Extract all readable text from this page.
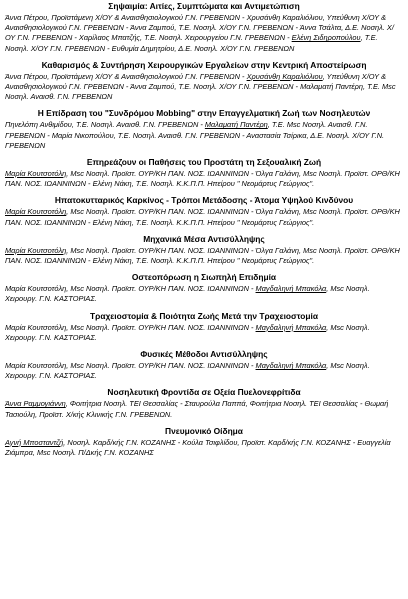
Σηψαιμία: Αιτίες, Συμπτώματα και Αντιμετώπιση
Άννα Πέτρου, Προϊστάμενη Χ/ΟΥ & Αναισθησιολογικού Γ.Ν. ΓΡΕΒΕΝΩΝ - Χρυσάνθη Καραλιόλιου, Υπεύθυνη Χ/ΟΥ & Αναισθησιολογικού Γ.Ν. ΓΡΕΒΕΝΩΝ - Άννα Ζαμπού, Τ.Ε. Νοσηλ. Χ/ΟΥ Γ.Ν. ΓΡΕΒΕΝΩΝ - Άννα Τσάλτα, Δ.Ε. Νοσηλ. Χ/ΟΥ Γ.Ν. ΓΡΕΒΕΝΩΝ - Χαρίλαος Μπατζής, Τ.Ε. Νοσηλ. Χειρουργείου Γ.Ν. ΓΡΕΒΕΝΩΝ - Ελένη Σιδηροπούλου, Τ.Ε. Νοσηλ. Χ/ΟΥ Γ.Ν. ΓΡΕΒΕΝΩΝ - Ευθυμία Δημητρίου, Δ.Ε. Νοσηλ. Χ/ΟΥ Γ.Ν. ΓΡΕΒΕΝΩΝ
Καθαρισμός & Συντήρηση Χειρουργικών Εργαλείων στην Κεντρική Αποστείρωση
Άννα Πέτρου, Προϊστάμενη Χ/ΟΥ & Αναισθησιολογικού Γ.Ν. ΓΡΕΒΕΝΩΝ - Χρυσάνθη Καραλιόλιου, Υπεύθυνη Χ/ΟΥ & Αναισθησιολογικού Γ.Ν. ΓΡΕΒΕΝΩΝ - Άννα Ζαμπού, Τ.Ε. Νοσηλ. Χ/ΟΥ Γ.Ν. ΓΡΕΒΕΝΩΝ - Μαλαματή Παντέρη, Τ.Ε. Msc Νοσηλ. Αναισθ. Γ.Ν. ΓΡΕΒΕΝΩΝ
Η Επίδραση του "Συνδρόμου Mobbing" στην Επαγγελματική Ζωή των Νοσηλευτών
Πηνελόπη Ανθιμίδου, Τ.Ε. Νοσηλ. Αναισθ. Γ.Ν. ΓΡΕΒΕΝΩΝ - Μαλαματή Παντέρη, Τ.Ε. Msc Νοσηλ. Αναισθ. Γ.Ν. ΓΡΕΒΕΝΩΝ - Μαρία Νικοπούλου, Τ.Ε. Νοσηλ. Αναισθ. Γ.Ν. ΓΡΕΒΕΝΩΝ - Αναστασία Τσίρικα, Δ.Ε. Νοσηλ. Χ/ΟΥ Γ.Ν. ΓΡΕΒΕΝΩΝ
Επηρεάζουν οι Παθήσεις του Προστάτη τη Σεξουαλική Ζωή
Μαρία Κουτσοτόλη, Msc Νοσηλ. Προϊστ. ΟΥΡ/ΚΗ ΠΑΝ. ΝΟΣ. ΙΩΑΝΝΙΝΩΝ - Όλγα Γαλάνη, Msc Νοσηλ. Προϊστ. ΟΡΘ/ΚΗ ΠΑΝ. ΝΟΣ. ΙΩΑΝΝΙΝΩΝ - Ελένη Νάκη, Τ.Ε. Νοσηλ. Κ.Κ.Π.Π. Ηπείρου " Νεομάρτυς Γεώργιος".
Ηπατοκυτταρικός Καρκίνος - Τρόποι Μετάδοσης - Άτομα Υψηλού Κινδύνου
Μαρία Κουτσοτόλη, Msc Νοσηλ. Προϊστ. ΟΥΡ/ΚΗ ΠΑΝ. ΝΟΣ. ΙΩΑΝΝΙΝΩΝ - Όλγα Γαλάνη, Msc Νοσηλ. Προϊστ. ΟΡΘ/ΚΗ ΠΑΝ. ΝΟΣ. ΙΩΑΝΝΙΝΩΝ - Ελένη Νάκη, Τ.Ε. Νοσηλ. Κ.Κ.Π.Π. Ηπείρου " Νεομάρτυς Γεώργιος".
Μηχανικά Μέσα Αντισύλληψης
Μαρία Κουτσοτόλη, Msc Νοσηλ. Προϊστ. ΟΥΡ/ΚΗ ΠΑΝ. ΝΟΣ. ΙΩΑΝΝΙΝΩΝ - Όλγα Γαλάνη, Msc Νοσηλ. Προϊστ. ΟΡΘ/ΚΗ ΠΑΝ. ΝΟΣ. ΙΩΑΝΝΙΝΩΝ - Ελένη Νάκη, Τ.Ε. Νοσηλ. Κ.Κ.Π.Π. Ηπείρου " Νεομάρτυς Γεώργιος".
Οστεοπόρωση η Σιωπηλή Επιδημία
Μαρία Κουτσοτόλη, Msc Νοσηλ. Προϊστ. ΟΥΡ/ΚΗ ΠΑΝ. ΝΟΣ. ΙΩΑΝΝΙΝΩΝ - Μαγδαληνή Μπακόλα, Msc Νοσηλ. Χειρουργ. Γ.Ν. ΚΑΣΤΟΡΙΑΣ.
Τραχειοστομία & Ποιότητα Ζωής Μετά την Τραχειοστομία
Μαρία Κουτσοτόλη, Msc Νοσηλ. Προϊστ. ΟΥΡ/ΚΗ ΠΑΝ. ΝΟΣ. ΙΩΑΝΝΙΝΩΝ - Μαγδαληνή Μπακόλα, Msc Νοσηλ. Χειρουργ. Γ.Ν. ΚΑΣΤΟΡΙΑΣ.
Φυσικές Μέθοδοι Αντισύλληψης
Μαρία Κουτσοτόλη, Msc Νοσηλ. Προϊστ. ΟΥΡ/ΚΗ ΠΑΝ. ΝΟΣ. ΙΩΑΝΝΙΝΩΝ - Μαγδαληνή Μπακόλα, Msc Νοσηλ. Χειρουργ. Γ.Ν. ΚΑΣΤΟΡΙΑΣ.
Νοσηλευτική Φροντίδα σε Οξεία Πυελονεφρίτιδα
Άννα Ραμμογιάννη, Φοιτήτρια Νοσηλ. ΤΕΙ Θεσσαλίας - Σταυρούλα Παππά, Φοιτήτρια Νοσηλ. ΤΕΙ Θεσσαλίας - Θωμαή Τασιούλη, Προϊστ. Χ/κής Κλινικής Γ.Ν. ΓΡΕΒΕΝΩΝ.
Πνευμονικό Οίδημα
Αγνή Μποσταντζή, Νοσηλ. Καρδ/κής Γ.Ν. ΚΟΖΑΝΗΣ - Κούλα Τσιφλίδου, Προϊστ. Καρδ/κής Γ.Ν. ΚΟΖΑΝΗΣ - Ευαγγελία Ζιάμπρα, Msc Νοσηλ. Π/Δκής Γ.Ν. ΚΟΖΑΝΗΣ
